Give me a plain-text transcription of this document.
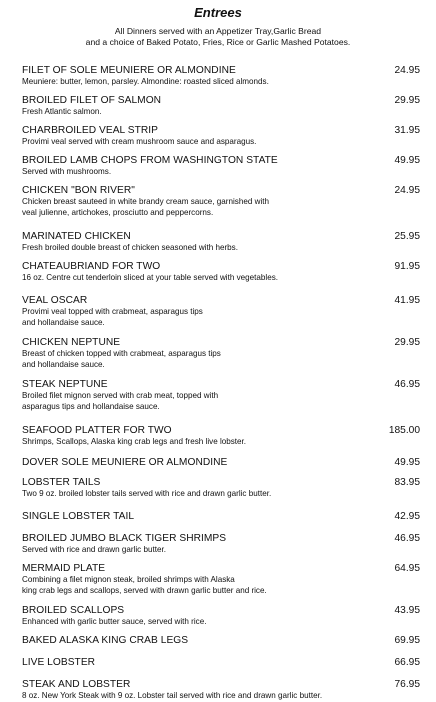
Entrees
All Dinners served with an Appetizer Tray,Garlic Bread
and a choice of Baked Potato, Fries, Rice or Garlic Mashed Potatoes.
FILET OF SOLE MEUNIERE OR ALMONDINE	24.95
Meuniere: butter, lemon, parsley. Almondine: roasted sliced almonds.
BROILED FILET OF SALMON	29.95
Fresh Atlantic salmon.
CHARBROILED VEAL STRIP	31.95
Provimi veal served with cream mushroom sauce and asparagus.
BROILED LAMB CHOPS FROM WASHINGTON STATE	49.95
Served with mushrooms.
CHICKEN "BON RIVER"	24.95
Chicken breast sauteed in white brandy cream sauce, garnished with
veal julienne, artichokes, prosciutto and peppercorns.
MARINATED CHICKEN	25.95
Fresh broiled double breast of chicken seasoned with herbs.
CHATEAUBRIAND FOR TWO	91.95
16 oz. Centre cut tenderloin sliced at your table served with vegetables.
VEAL OSCAR	41.95
Provimi veal topped with crabmeat, asparagus tips
and hollandaise sauce.
CHICKEN NEPTUNE	29.95
Breast of chicken topped with crabmeat, asparagus tips
and hollandaise sauce.
STEAK NEPTUNE	46.95
Broiled filet mignon served with crab meat, topped with
asparagus tips and hollandaise sauce.
SEAFOOD PLATTER FOR TWO	185.00
Shrimps, Scallops, Alaska king crab legs and fresh live lobster.
DOVER SOLE MEUNIERE OR ALMONDINE	49.95
LOBSTER TAILS	83.95
Two 9 oz. broiled lobster tails served with rice and drawn garlic butter.
SINGLE LOBSTER TAIL	42.95
BROILED JUMBO BLACK TIGER SHRIMPS	46.95
Served with rice and drawn garlic butter.
MERMAID PLATE	64.95
Combining a filet mignon steak, broiled shrimps with Alaska
king crab legs and scallops, served with drawn garlic butter and rice.
BROILED SCALLOPS	43.95
Enhanced with garlic butter sauce, served with rice.
BAKED ALASKA KING CRAB LEGS	69.95
LIVE LOBSTER	66.95
STEAK AND LOBSTER	76.95
8 oz. New York Steak with 9 oz. Lobster tail served with rice and drawn garlic butter.
